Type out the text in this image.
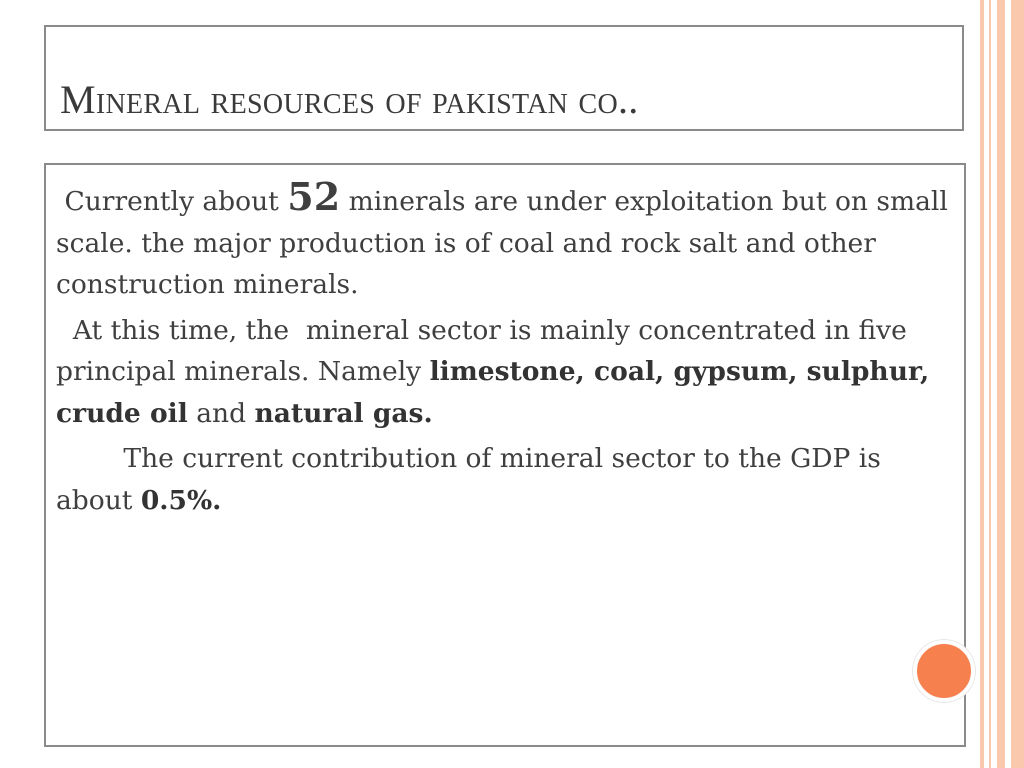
Mineral resources of pakistan co..

Currently about 52 minerals are under exploitation but on small scale. the major production is of coal and rock salt and other construction minerals.

At this time, the  mineral sector is mainly concentrated in five principal minerals. Namely limestone, coal, gypsum, sulphur, crude oil and natural gas.

The current contribution of mineral sector to the GDP is about 0.5%.
